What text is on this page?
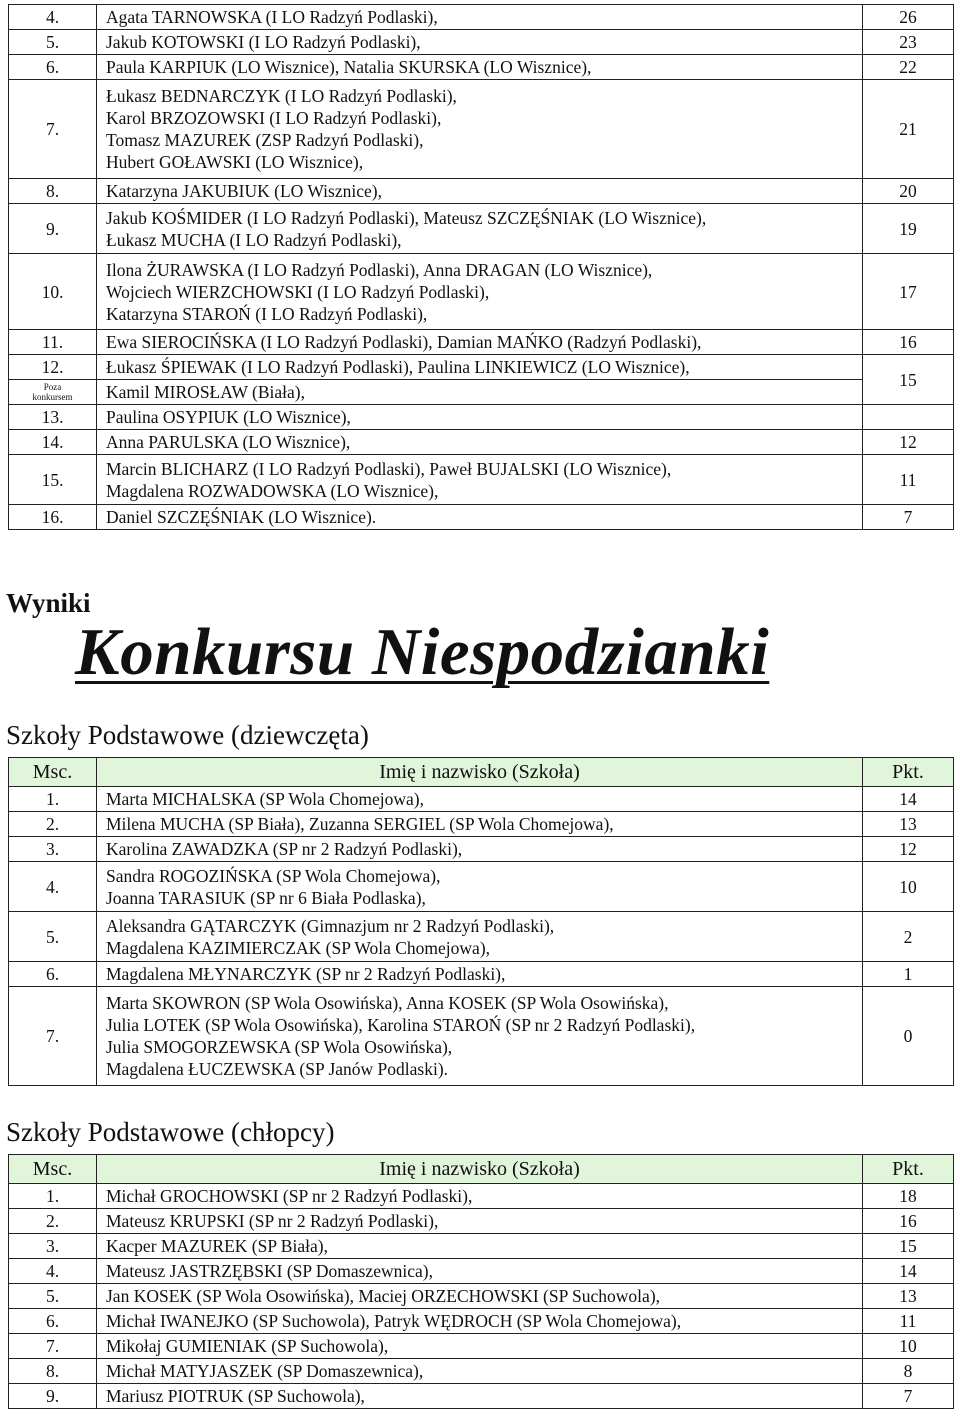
4.	Agata TARNOWSKA (I LO Radzyń Podlaski),	26
5.	Jakub KOTOWSKI (I LO Radzyń Podlaski),	23
6.	Paula KARPIUK (LO Wisznice), Natalia SKURSKA (LO Wisznice),	22
7.	Łukasz BEDNARCZYK (I LO Radzyń Podlaski),
Karol BRZOZOWSKI (I LO Radzyń Podlaski),
Tomasz MAZUREK (ZSP Radzyń Podlaski),
Hubert GOŁAWSKI (LO Wisznice),	21
8.	Katarzyna JAKUBIUK (LO Wisznice),	20
9.	Jakub KOŚMIDER (I LO Radzyń Podlaski), Mateusz SZCZĘŚNIAK (LO Wisznice),
Łukasz MUCHA (I LO Radzyń Podlaski),	19
10.	Ilona ŻURAWSKA (I LO Radzyń Podlaski), Anna DRAGAN (LO Wisznice),
Wojciech WIERZCHOWSKI (I LO Radzyń Podlaski),
Katarzyna STAROŃ (I LO Radzyń Podlaski),	17
11.	Ewa SIEROCIŃSKA (I LO Radzyń Podlaski), Damian MAŃKO (Radzyń Podlaski),	16
12.	Łukasz ŚPIEWAK (I LO Radzyń Podlaski), Paulina LINKIEWICZ (LO Wisznice),	15

Poza
konkursem	Kamil MIROSŁAW (Biała),	

13.	Paulina OSYPIUK (LO Wisznice),	

14.	Anna PARULSKA (LO Wisznice),	12
15.	Marcin BLICHARZ (I LO Radzyń Podlaski), Paweł BUJALSKI (LO Wisznice),
Magdalena ROZWADOWSKA (LO Wisznice),	11
16.	Daniel SZCZĘŚNIAK (LO Wisznice).	7
Wyniki
Konkursu Niespodzianki
Szkoły Podstawowe (dziewczęta)
Msc.	Imię i nazwisko (Szkoła)	Pkt.
1.	Marta MICHALSKA (SP Wola Chomejowa),	14
2.	Milena MUCHA (SP Biała), Zuzanna SERGIEL (SP Wola Chomejowa),	13
3.	Karolina ZAWADZKA (SP nr 2 Radzyń Podlaski),	12
4.	Sandra ROGOZIŃSKA (SP Wola Chomejowa),
Joanna TARASIUK (SP nr 6 Biała Podlaska),	10
5.	Aleksandra GĄTARCZYK (Gimnazjum nr 2 Radzyń Podlaski),
Magdalena KAZIMIERCZAK (SP Wola Chomejowa),	2
6.	Magdalena MŁYNARCZYK (SP nr 2 Radzyń Podlaski),	1
7.	Marta SKOWRON (SP Wola Osowińska), Anna KOSEK (SP Wola Osowińska),
Julia LOTEK (SP Wola Osowińska), Karolina STAROŃ (SP nr 2 Radzyń Podlaski),
Julia SMOGORZEWSKA (SP Wola Osowińska),
Magdalena ŁUCZEWSKA (SP Janów Podlaski).	0
Szkoły Podstawowe (chłopcy)
Msc.	Imię i nazwisko (Szkoła)	Pkt.
1.	Michał GROCHOWSKI (SP nr 2 Radzyń Podlaski),	18
2.	Mateusz KRUPSKI (SP nr 2 Radzyń Podlaski),	16
3.	Kacper MAZUREK (SP Biała),	15
4.	Mateusz JASTRZĘBSKI (SP Domaszewnica),	14
5.	Jan KOSEK (SP Wola Osowińska), Maciej ORZECHOWSKI (SP Suchowola),	13
6.	Michał IWANEJKO (SP Suchowola), Patryk WĘDROCH (SP Wola Chomejowa),	11
7.	Mikołaj GUMIENIAK (SP Suchowola),	10
8.	Michał MATYJASZEK (SP Domaszewnica),	8
9.	Mariusz PIOTRUK (SP Suchowola),	7
